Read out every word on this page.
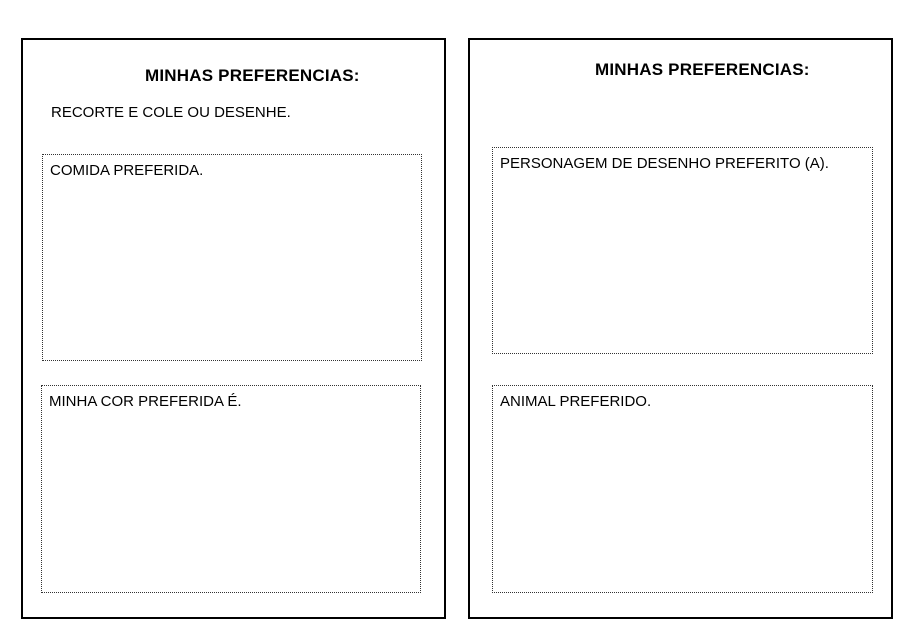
MINHAS PREFERENCIAS:
RECORTE E COLE OU DESENHE.
COMIDA PREFERIDA.
MINHA COR PREFERIDA É.
MINHAS PREFERENCIAS:
PERSONAGEM DE DESENHO PREFERITO (A).
ANIMAL PREFERIDO.
